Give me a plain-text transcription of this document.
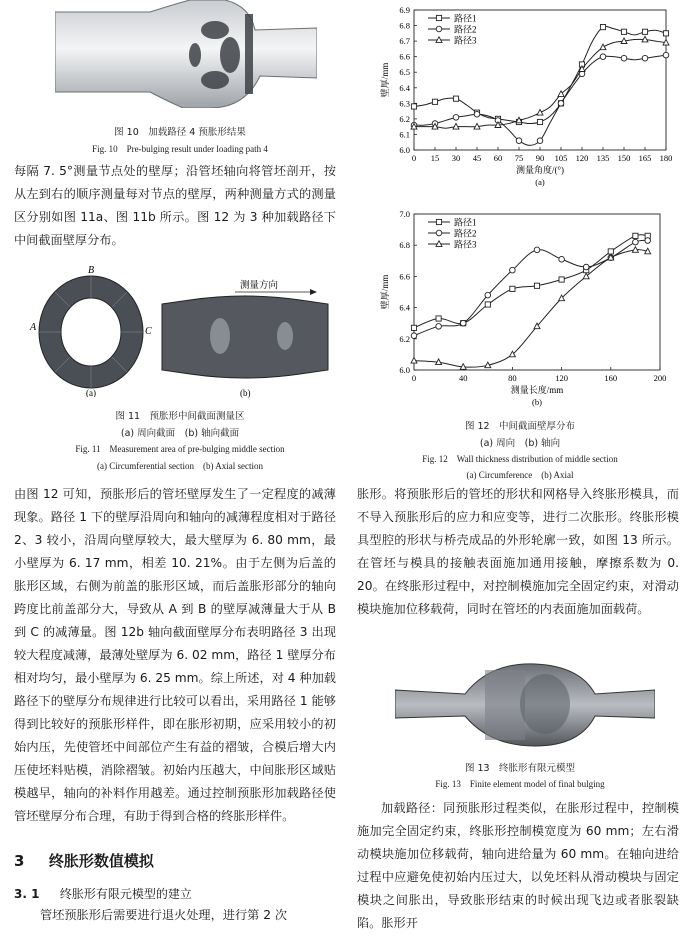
图 10　加载路径 4 预胀形结果
Fig. 10　Pre-bulging result under loading path 4
每隔 7. 5°测量节点处的壁厚；沿管坯轴向将管坯剖开，按从左到右的顺序测量每对节点的壁厚，两种测量方式的测量区分别如图 11a、图 11b 所示。图 12 为 3 种加载路径下中间截面壁厚分布。
B
A	C
(a)
测量方向
(b)
图 11　预胀形中间截面测量区
(a) 周向截面　(b) 轴向截面
Fig. 11　Measurement area of pre-bulging middle section
(a) Circumferential section　(b) Axial section
由图 12 可知，预胀形后的管坯壁厚发生了一定程度的减薄现象。路径 1 下的壁厚沿周向和轴向的减薄程度相对于路径 2、3 较小，沿周向壁厚较大，最大壁厚为 6. 80 mm，最小壁厚为 6. 17 mm，相差 10. 21%。由于左侧为后盖的胀形区域，右侧为前盖的胀形区域，而后盖胀形部分的轴向跨度比前盖部分大，导致从 A 到 B 的壁厚减薄量大于从 B 到 C 的减薄量。图 12b 轴向截面壁厚分布表明路径 3 出现较大程度减薄，最薄处壁厚为 6. 02 mm，路径 1 壁厚分布相对均匀，最小壁厚为 6. 25 mm。综上所述，对 4 种加载路径下的壁厚分布规律进行比较可以看出，采用路径 1 能够得到比较好的预胀形样件，即在胀形初期，应采用较小的初始内压，先使管坯中间部位产生有益的褶皱，合模后增大内压使坯料贴模，消除褶皱。初始内压越大，中间胀形区域贴模越早，轴向的补料作用越差。通过控制预胀形加载路径使管坯壁厚分布合理，有助于得到合格的终胀形样件。
3 终胀形数值模拟
3. 1 终胀形有限元模型的建立
管坯预胀形后需要进行退火处理，进行第 2 次
0 15 30 45 60 75 90 105 120 135 150 165 180
6.0
6.1
6.2
6.3
6.4
6.5
6.6
6.7
6.8
6.9
测量角度/(°)
壁厚/mm
(a)
路径1
路径2
路径3
0	40	80	120	160	200
6.0
6.2
6.4
6.6
6.8
7.0
测量长度/mm
壁厚/mm
(b)
路径1
路径2
路径3
图 12　中间截面壁厚分布
(a) 周向　(b) 轴向
Fig. 12　Wall thickness distribution of middle section
(a) Circumference　(b) Axial
胀形。将预胀形后的管坯的形状和网格导入终胀形模具，而不导入预胀形后的应力和应变等，进行二次胀形。终胀形模具型腔的形状与桥壳成品的外形轮廓一致，如图 13 所示。在管坯与模具的接触表面施加通用接触，摩擦系数为 0. 20。在终胀形过程中，对控制模施加完全固定约束，对滑动模块施加位移载荷，同时在管坯的内表面施加面载荷。
图 13　终胀形有限元模型
Fig. 13　Finite element model of final bulging
加载路径：同预胀形过程类似，在胀形过程中，控制模施加完全固定约束，终胀形控制模宽度为 60 mm；左右滑动模块施加位移载荷，轴向进给量为 60 mm。在轴向进给过程中应避免使初始内压过大，以免坯料从滑动模块与固定模块之间胀出，导致胀形结束的时候出现飞边或者胀裂缺陷。胀形开
